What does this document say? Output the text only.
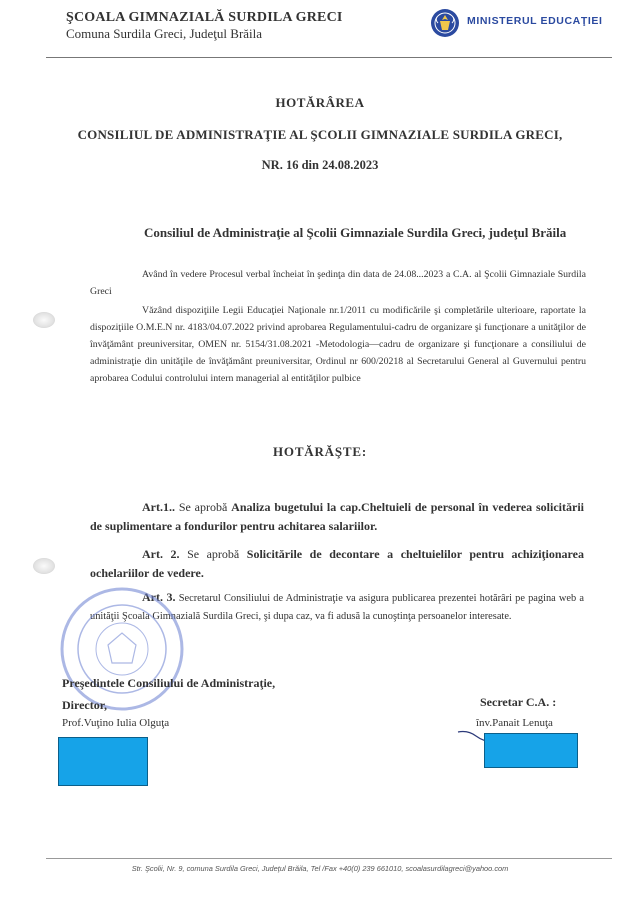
ŞCOALA GIMNAZIALĂ SURDILA GRECI
Comuna Surdila Greci, Judeţul Brăila
MINISTERUL EDUCAŢIEI
HOTĂRÂREA
CONSILIUL DE ADMINISTRAŢIE AL ŞCOLII GIMNAZIALE SURDILA GRECI,
NR. 16 din 24.08.2023
Consiliul de Administraţie al Şcolii Gimnaziale Surdila Greci, judeţul Brăila
Având în vedere Procesul verbal încheiat în şedinţa din data de 24.08...2023 a C.A. al Şcolii Gimnaziale Surdila Greci
Văzând dispoziţiile Legii Educaţiei Naţionale nr.1/2011 cu modificările şi completările ulterioare, raportate la dispoziţiile O.M.E.N nr. 4183/04.07.2022 privind aprobarea Regulamentului-cadru de organizare şi funcţionare a unităţilor de învăţământ preuniversitar, OMEN nr. 5154/31.08.2021 -Metodologia—cadru de organizare şi funcţionare a consiliului de administraţie din unităţile de învăţământ preuniversitar, Ordinul nr 600/20218 al Secretarului General al Guvernului pentru aprobarea Codului controlului intern managerial al entităţilor pulbice
HOTĂRĂŞTE:
Art.1.. Se aprobă Analiza bugetului la cap.Cheltuieli de personal în vederea solicitării de suplimentare a fondurilor pentru achitarea salariilor.
Art. 2. Se aprobă Solicitările de decontare a cheltuielilor pentru achiziţionarea ochelariilor de vedere.
Art. 3. Secretarul Consiliului de Administraţie va asigura publicarea prezentei hotărâri pe pagina web a unităţii Şcoala Gimnazială Surdila Greci, şi dupa caz, va fi adusă la cunoştinţa persoanelor interesate.
Preşedintele Consiliului de Administraţie,
Director,
Prof.Vuţino Iulia Olguţa
Secretar C.A. :
înv.Panait Lenuţa
Str. Şcolii, Nr. 9, comuna Surdila Greci, Judeţul Brăila, Tel /Fax +40(0) 239 661010, scoalasurdilagreci@yahoo.com
